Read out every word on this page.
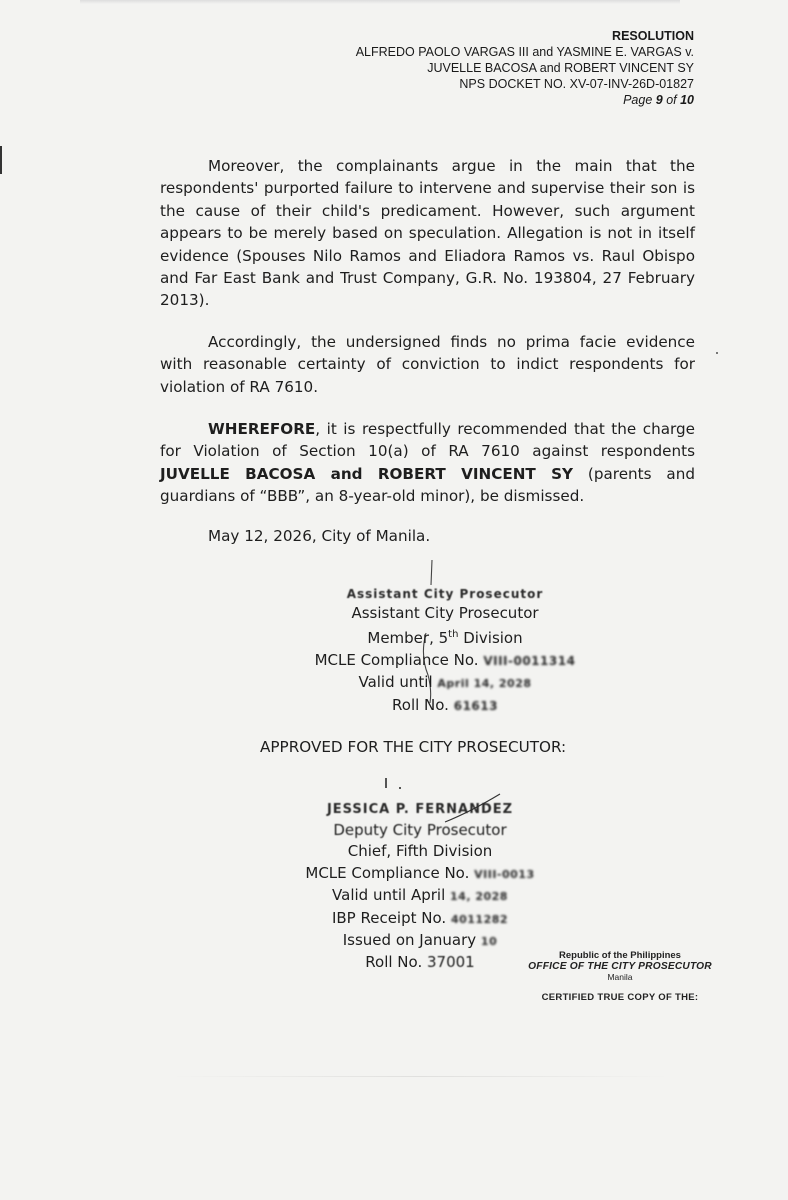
RESOLUTION
ALFREDO PAOLO VARGAS III and YASMINE E. VARGAS v.
JUVELLE BACOSA and ROBERT VINCENT SY
NPS DOCKET NO. XV-07-INV-26D-01827
Page 9 of 10
Moreover, the complainants argue in the main that the respondents' purported failure to intervene and supervise their son is the cause of their child's predicament. However, such argument appears to be merely based on speculation. Allegation is not in itself evidence (Spouses Nilo Ramos and Eliadora Ramos vs. Raul Obispo and Far East Bank and Trust Company, G.R. No. 193804, 27 February 2013).
Accordingly, the undersigned finds no prima facie evidence with reasonable certainty of conviction to indict respondents for violation of RA 7610.
WHEREFORE, it is respectfully recommended that the charge for Violation of Section 10(a) of RA 7610 against respondents JUVELLE BACOSA and ROBERT VINCENT SY (parents and guardians of “BBB”, an 8-year-old minor), be dismissed.
May 12, 2026, City of Manila.
Assistant City Prosecutor
Assistant City Prosecutor
Member, 5th Division
MCLE Compliance No. VIII-0011314
Valid until April 14, 2028
Roll No. 61613
APPROVED FOR THE CITY PROSECUTOR:
JESSICA P. FERNANDEZ
Deputy City Prosecutor
Chief, Fifth Division
MCLE Compliance No. VIII-0013
Valid until April 14, 2028
IBP Receipt No. 4011282
Issued on January 10
Roll No. 37001	Republic of the Philippines
OFFICE OF THE CITY PROSECUTOR
Manila
CERTIFIED TRUE COPY OF THE:
